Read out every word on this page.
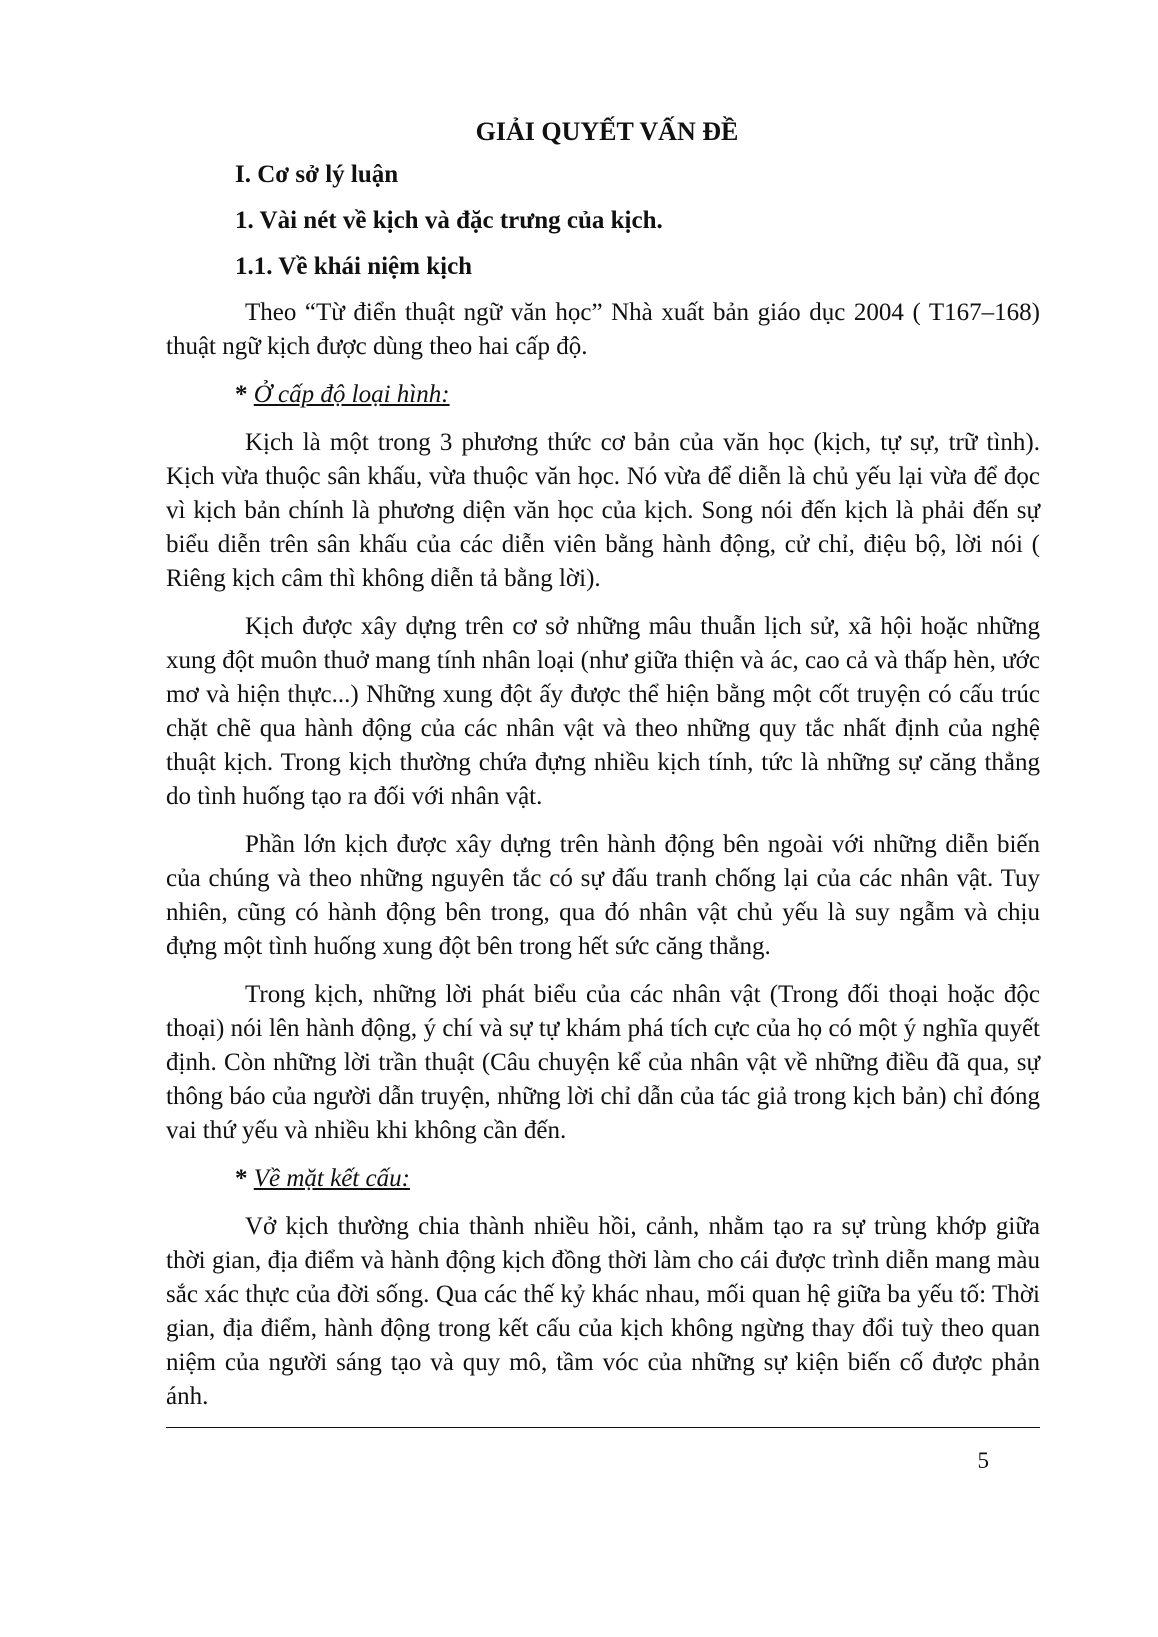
GIẢI QUYẾT VẤN ĐỀ
I. Cơ sở lý luận
1. Vài nét về kịch và đặc trưng của kịch.
1.1. Về khái niệm kịch

Theo “Từ điển thuật ngữ văn học” Nhà xuất bản giáo dục 2004 ( T167–168) thuật ngữ kịch được dùng theo hai cấp độ.

* Ở cấp độ loại hình:

Kịch là một trong 3 phương thức cơ bản của văn học (kịch, tự sự, trữ tình). Kịch vừa thuộc sân khấu, vừa thuộc văn học. Nó vừa để diễn là chủ yếu lại vừa để đọc vì kịch bản chính là phương diện văn học của kịch. Song nói đến kịch là phải đến sự biểu diễn trên sân khấu của các diễn viên bằng hành động, cử chỉ, điệu bộ, lời nói ( Riêng kịch câm thì không diễn tả bằng lời).

Kịch được xây dựng trên cơ sở những mâu thuẫn lịch sử, xã hội hoặc những xung đột muôn thuở mang tính nhân loại (như giữa thiện và ác, cao cả và thấp hèn, ước mơ và hiện thực...) Những xung đột ấy được thể hiện bằng một cốt truyện có cấu trúc chặt chẽ qua hành động của các nhân vật và theo những quy tắc nhất định của nghệ thuật kịch. Trong kịch thường chứa đựng nhiều kịch tính, tức là những sự căng thẳng do tình huống tạo ra đối với nhân vật.

Phần lớn kịch được xây dựng trên hành động bên ngoài với những diễn biến của chúng và theo những nguyên tắc có sự đấu tranh chống lại của các nhân vật. Tuy nhiên, cũng có hành động bên trong, qua đó nhân vật chủ yếu là suy ngẫm và chịu đựng một tình huống xung đột bên trong hết sức căng thẳng.

Trong kịch, những lời phát biểu của các nhân vật (Trong đối thoại hoặc độc thoại) nói lên hành động, ý chí và sự tự khám phá tích cực của họ có một ý nghĩa quyết định. Còn những lời trần thuật (Câu chuyện kể của nhân vật về những điều đã qua, sự thông báo của người dẫn truyện, những lời chỉ dẫn của tác giả trong kịch bản) chỉ đóng vai thứ yếu và nhiều khi không cần đến.

* Về mặt kết cấu:

Vở kịch thường chia thành nhiều hồi, cảnh, nhằm tạo ra sự trùng khớp giữa thời gian, địa điểm và hành động kịch đồng thời làm cho cái được trình diễn mang màu sắc xác thực của đời sống. Qua các thế kỷ khác nhau, mối quan hệ giữa ba yếu tố: Thời gian, địa điểm, hành động trong kết cấu của kịch không ngừng thay đổi tuỳ theo quan niệm của người sáng tạo và quy mô, tầm vóc của những sự kiện biến cố được phản ánh.

5
